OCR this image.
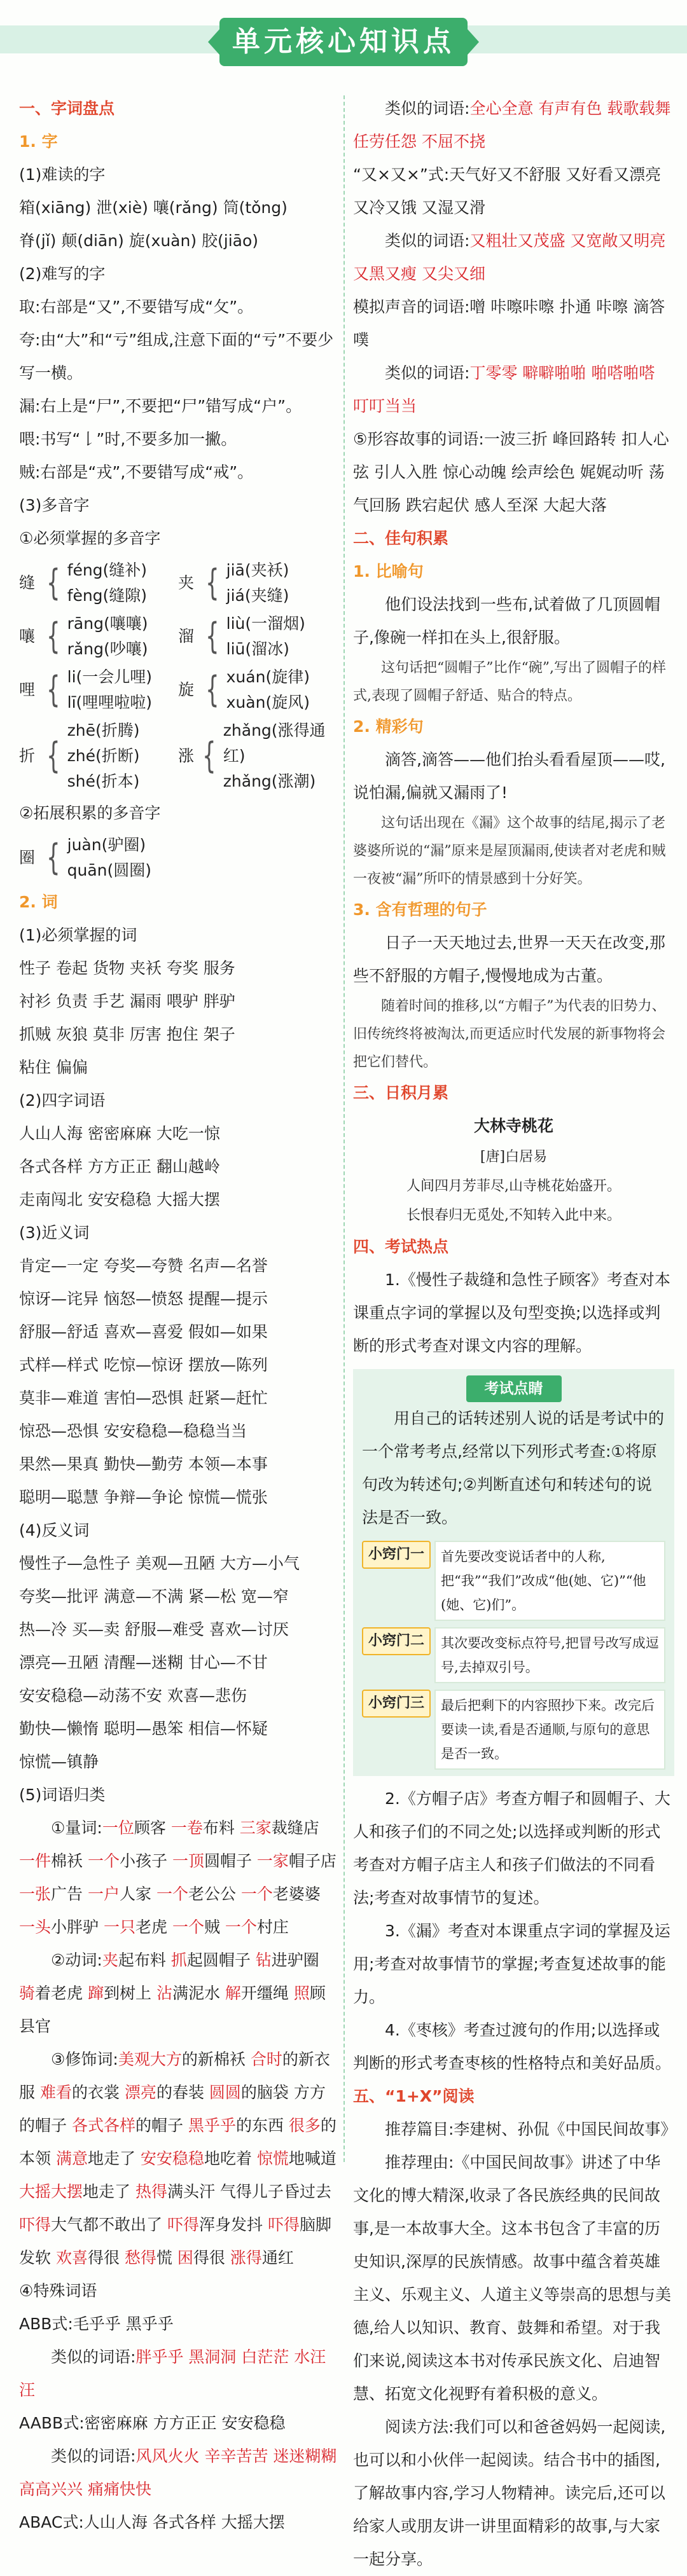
单元核心知识点

一、字词盘点

1. 字

(1)难读的字

箱(xiāng) 泄(xiè) 嚷(rǎng) 筒(tǒng)

脊(jǐ) 颠(diān) 旋(xuàn) 胶(jiāo)

(2)难写的字

取:右部是“又”,不要错写成“攵”。

夸:由“大”和“亏”组成,注意下面的“亏”不要少写一横。

漏:右上是“尸”,不要把“尸”错写成“户”。

喂:书写“𠄌”时,不要多加一撇。

贼:右部是“戎”,不要错写成“戒”。

(3)多音字

①必须掌握的多音字

缝 { féng(缝补)
fèng(缝隙)
夹 { jiā(夹袄)
jiá(夹缝)
嚷 { rāng(嚷嚷)
rǎng(吵嚷)
溜 { liù(一溜烟)
liū(溜冰)
哩 { li(一会儿哩)
lī(哩哩啦啦)
旋 { xuán(旋律)
xuàn(旋风)
折 {
zhē(折腾)
zhé(折断)
shé(折本)
涨 {
zhǎng(涨得通红)
zhǎng(涨潮)

②拓展积累的多音字

圈 { juàn(驴圈)
quān(圆圈)

2. 词

(1)必须掌握的词

性子 卷起 货物 夹袄 夸奖 服务

衬衫 负责 手艺 漏雨 喂驴 胖驴

抓贼 灰狼 莫非 厉害 抱住 架子

粘住 偏偏

(2)四字词语

人山人海 密密麻麻 大吃一惊

各式各样 方方正正 翻山越岭

走南闯北 安安稳稳 大摇大摆

(3)近义词

肯定—一定 夸奖—夸赞 名声—名誉

惊讶—诧异 恼怒—愤怒 提醒—提示

舒服—舒适 喜欢—喜爱 假如—如果

式样—样式 吃惊—惊讶 摆放—陈列

莫非—难道 害怕—恐惧 赶紧—赶忙

惊恐—恐惧 安安稳稳—稳稳当当

果然—果真 勤快—勤劳 本领—本事

聪明—聪慧 争辩—争论 惊慌—慌张

(4)反义词

慢性子—急性子 美观—丑陋 大方—小气

夸奖—批评 满意—不满 紧—松 宽—窄

热—冷 买—卖 舒服—难受 喜欢—讨厌

漂亮—丑陋 清醒—迷糊 甘心—不甘

安安稳稳—动荡不安 欢喜—悲伤

勤快—懒惰 聪明—愚笨 相信—怀疑

惊慌—镇静

(5)词语归类

①量词:一位顾客 一卷布料 三家裁缝店 一件棉袄 一个小孩子 一顶圆帽子 一家帽子店 一张广告 一户人家 一个老公公 一个老婆婆 一头小胖驴 一只老虎 一个贼 一个村庄

②动词:夹起布料 抓起圆帽子 钻进驴圈 骑着老虎 蹿到树上 沾满泥水 解开缰绳 照顾县官

③修饰词:美观大方的新棉袄 合时的新衣服 难看的衣裳 漂亮的春装 圆圆的脑袋 方方的帽子 各式各样的帽子 黑乎乎的东西 很多的本领 满意地走了 安安稳稳地吃着 惊慌地喊道 大摇大摆地走了 热得满头汗 气得儿子昏过去 吓得大气都不敢出了 吓得浑身发抖 吓得脑脚发软 欢喜得很 愁得慌 困得很 涨得通红

④特殊词语

ABB式:毛乎乎 黑乎乎

类似的词语:胖乎乎 黑洞洞 白茫茫 水汪汪

AABB式:密密麻麻 方方正正 安安稳稳

类似的词语:风风火火 辛辛苦苦 迷迷糊糊 高高兴兴 痛痛快快

ABAC式:人山人海 各式各样 大摇大摆

类似的词语:全心全意 有声有色 载歌载舞 任劳任怨 不屈不挠

“又×又×”式:天气好又不舒服 又好看又漂亮 又冷又饿 又湿又滑

类似的词语:又粗壮又茂盛 又宽敞又明亮 又黑又瘦 又尖又细

模拟声音的词语:噌 咔嚓咔嚓 扑通 咔嚓 滴答 噗

类似的词语:丁零零 噼噼啪啪 啪嗒啪嗒 叮叮当当

⑤形容故事的词语:一波三折 峰回路转 扣人心弦 引人入胜 惊心动魄 绘声绘色 娓娓动听 荡气回肠 跌宕起伏 感人至深 大起大落

二、佳句积累

1. 比喻句

他们设法找到一些布,试着做了几顶圆帽子,像碗一样扣在头上,很舒服。

这句话把“圆帽子”比作“碗”,写出了圆帽子的样式,表现了圆帽子舒适、贴合的特点。

2. 精彩句

滴答,滴答——他们抬头看看屋顶——哎,说怕漏,偏就又漏雨了!

这句话出现在《漏》这个故事的结尾,揭示了老婆婆所说的“漏”原来是屋顶漏雨,使读者对老虎和贼一夜被“漏”所吓的情景感到十分好笑。

3. 含有哲理的句子

日子一天天地过去,世界一天天在改变,那些不舒服的方帽子,慢慢地成为古董。

随着时间的推移,以“方帽子”为代表的旧势力、旧传统终将被淘汰,而更适应时代发展的新事物将会把它们替代。

三、日积月累

大林寺桃花

[唐]白居易

人间四月芳菲尽,山寺桃花始盛开。

长恨春归无觅处,不知转入此中来。

四、考试热点

1.《慢性子裁缝和急性子顾客》考查对本课重点字词的掌握以及句型变换;以选择或判断的形式考查对课文内容的理解。

考试点睛

用自己的话转述别人说的话是考试中的一个常考考点,经常以下列形式考查:①将原句改为转述句;②判断直述句和转述句的说法是否一致。

小窍门一	首先要改变说话者中的人称,把“我”“我们”改成“他(她、它)”“他(她、它)们”。
小窍门二	其次要改变标点符号,把冒号改写成逗号,去掉双引号。
小窍门三	最后把剩下的内容照抄下来。改完后要读一读,看是否通顺,与原句的意思是否一致。

2.《方帽子店》考查方帽子和圆帽子、大人和孩子们的不同之处;以选择或判断的形式考查对方帽子店主人和孩子们做法的不同看法;考查对故事情节的复述。

3.《漏》考查对本课重点字词的掌握及运用;考查对故事情节的掌握;考查复述故事的能力。

4.《枣核》考查过渡句的作用;以选择或判断的形式考查枣核的性格特点和美好品质。

五、“1+X”阅读

推荐篇目:李建树、孙侃《中国民间故事》

推荐理由:《中国民间故事》讲述了中华文化的博大精深,收录了各民族经典的民间故事,是一本故事大全。这本书包含了丰富的历史知识,深厚的民族情感。故事中蕴含着英雄主义、乐观主义、人道主义等崇高的思想与美德,给人以知识、教育、鼓舞和希望。对于我们来说,阅读这本书对传承民族文化、启迪智慧、拓宽文化视野有着积极的意义。

阅读方法:我们可以和爸爸妈妈一起阅读,也可以和小伙伴一起阅读。结合书中的插图,了解故事内容,学习人物精神。读完后,还可以给家人或朋友讲一讲里面精彩的故事,与大家一起分享。
